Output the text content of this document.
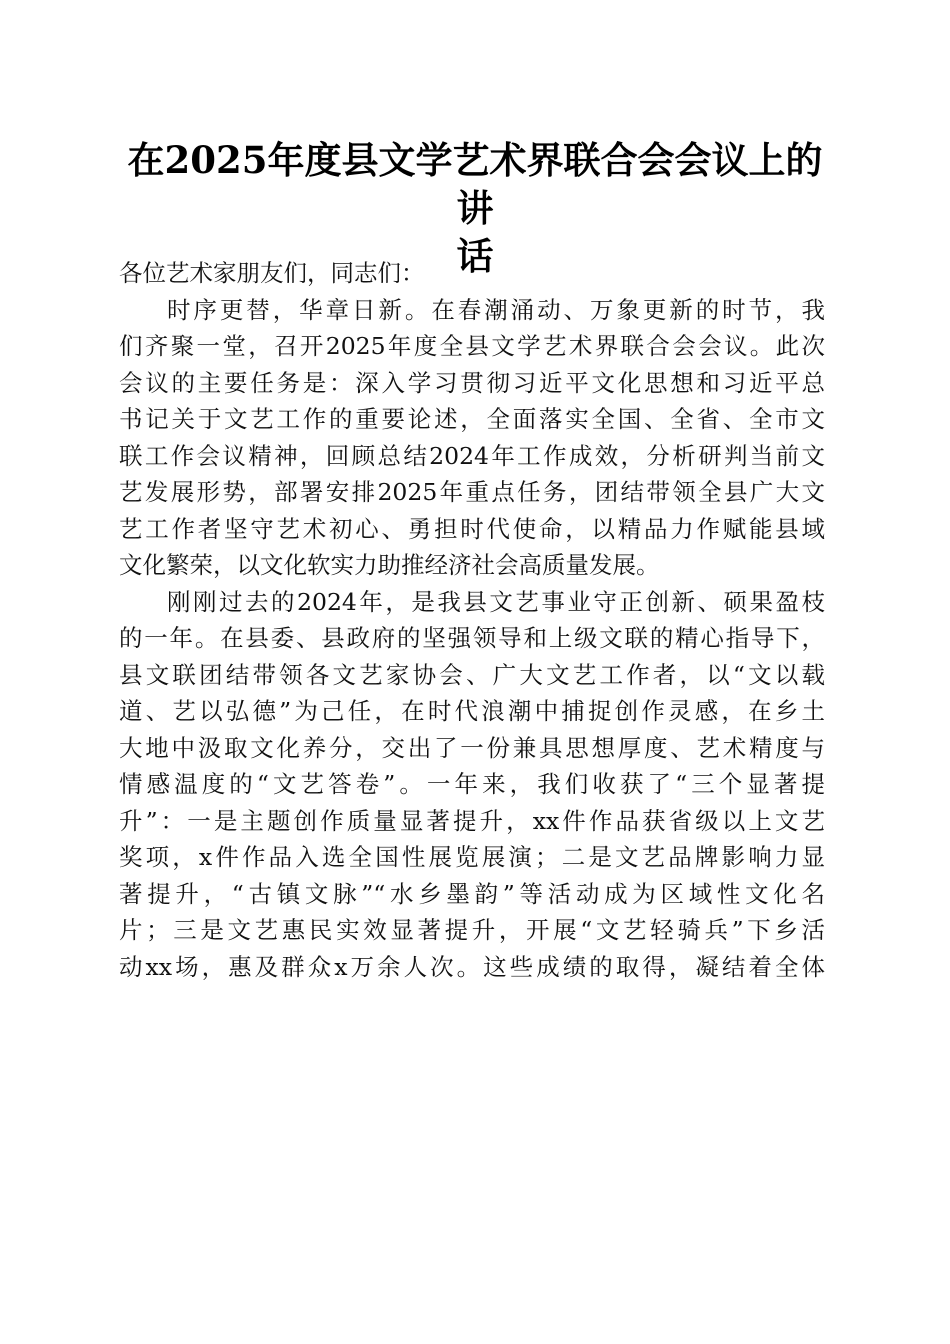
在2025年度县文学艺术界联合会会议上的讲
话
各位艺术家朋友们，同志们：
时序更替，华章日新。在春潮涌动、万象更新的时节，我
们齐聚一堂，召开2025年度全县文学艺术界联合会会议。此次
会议的主要任务是：深入学习贯彻习近平文化思想和习近平总
书记关于文艺工作的重要论述，全面落实全国、全省、全市文
联工作会议精神，回顾总结2024年工作成效，分析研判当前文
艺发展形势，部署安排2025年重点任务，团结带领全县广大文
艺工作者坚守艺术初心、勇担时代使命，以精品力作赋能县域
文化繁荣，以文化软实力助推经济社会高质量发展。
刚刚过去的2024年，是我县文艺事业守正创新、硕果盈枝
的一年。在县委、县政府的坚强领导和上级文联的精心指导下，
县文联团结带领各文艺家协会、广大文艺工作者，以“文以载
道、艺以弘德”为己任，在时代浪潮中捕捉创作灵感，在乡土
大地中汲取文化养分，交出了一份兼具思想厚度、艺术精度与
情感温度的“文艺答卷”。一年来，我们收获了“三个显著提
升”：一是主题创作质量显著提升，xx件作品获省级以上文艺
奖项，x件作品入选全国性展览展演；二是文艺品牌影响力显
著提升，“古镇文脉”“水乡墨韵”等活动成为区域性文化名
片；三是文艺惠民实效显著提升，开展“文艺轻骑兵”下乡活
动xx场，惠及群众x万余人次。这些成绩的取得，凝结着全体
